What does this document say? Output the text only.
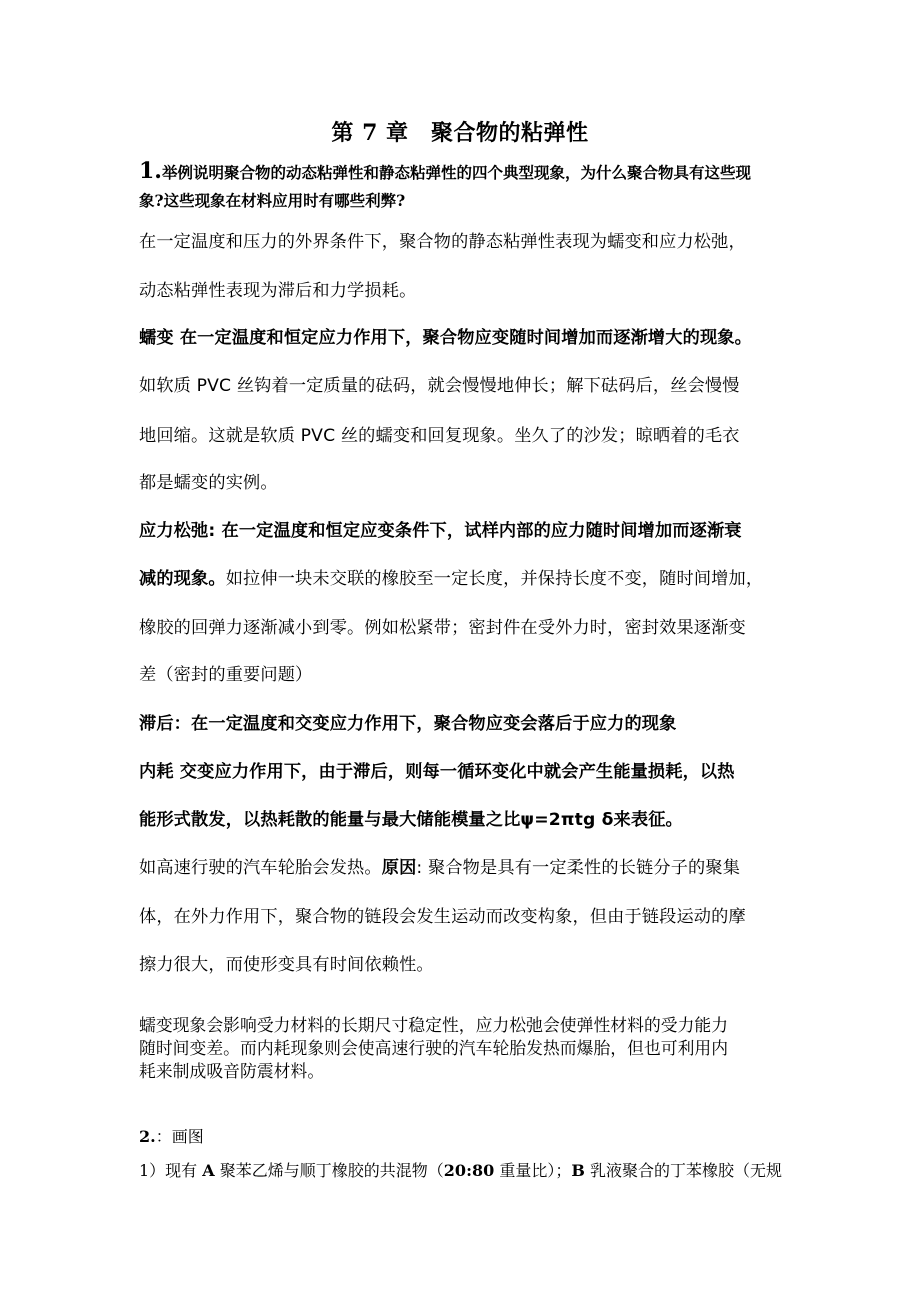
第 7 章　聚合物的粘弹性
1.举例说明聚合物的动态粘弹性和静态粘弹性的四个典型现象，为什么聚合物具有这些现
象?这些现象在材料应用时有哪些利弊?
在一定温度和压力的外界条件下，聚合物的静态粘弹性表现为蠕变和应力松弛，
动态粘弹性表现为滞后和力学损耗。
蠕变 在一定温度和恒定应力作用下，聚合物应变随时间增加而逐渐增大的现象。
如软质 PVC 丝钩着一定质量的砝码，就会慢慢地伸长；解下砝码后，丝会慢慢
地回缩。这就是软质 PVC 丝的蠕变和回复现象。坐久了的沙发；晾晒着的毛衣
都是蠕变的实例。
应力松弛: 在一定温度和恒定应变条件下，试样内部的应力随时间增加而逐渐衰
减的现象。如拉伸一块未交联的橡胶至一定长度，并保持长度不变，随时间增加，
橡胶的回弹力逐渐减小到零。例如松紧带；密封件在受外力时，密封效果逐渐变
差（密封的重要问题）
滞后：在一定温度和交变应力作用下，聚合物应变会落后于应力的现象
内耗 交变应力作用下，由于滞后，则每一循环变化中就会产生能量损耗，以热
能形式散发，以热耗散的能量与最大储能模量之比ψ=2πtg δ来表征。
如高速行驶的汽车轮胎会发热。原因: 聚合物是具有一定柔性的长链分子的聚集
体，在外力作用下，聚合物的链段会发生运动而改变构象，但由于链段运动的摩
擦力很大，而使形变具有时间依赖性。
蠕变现象会影响受力材料的长期尺寸稳定性，应力松弛会使弹性材料的受力能力
随时间变差。而内耗现象则会使高速行驶的汽车轮胎发热而爆胎，但也可利用内
耗来制成吸音防震材料。
2.：画图
1）现有 A 聚苯乙烯与顺丁橡胶的共混物（20:80 重量比）；B 乳液聚合的丁苯橡胶（无规
